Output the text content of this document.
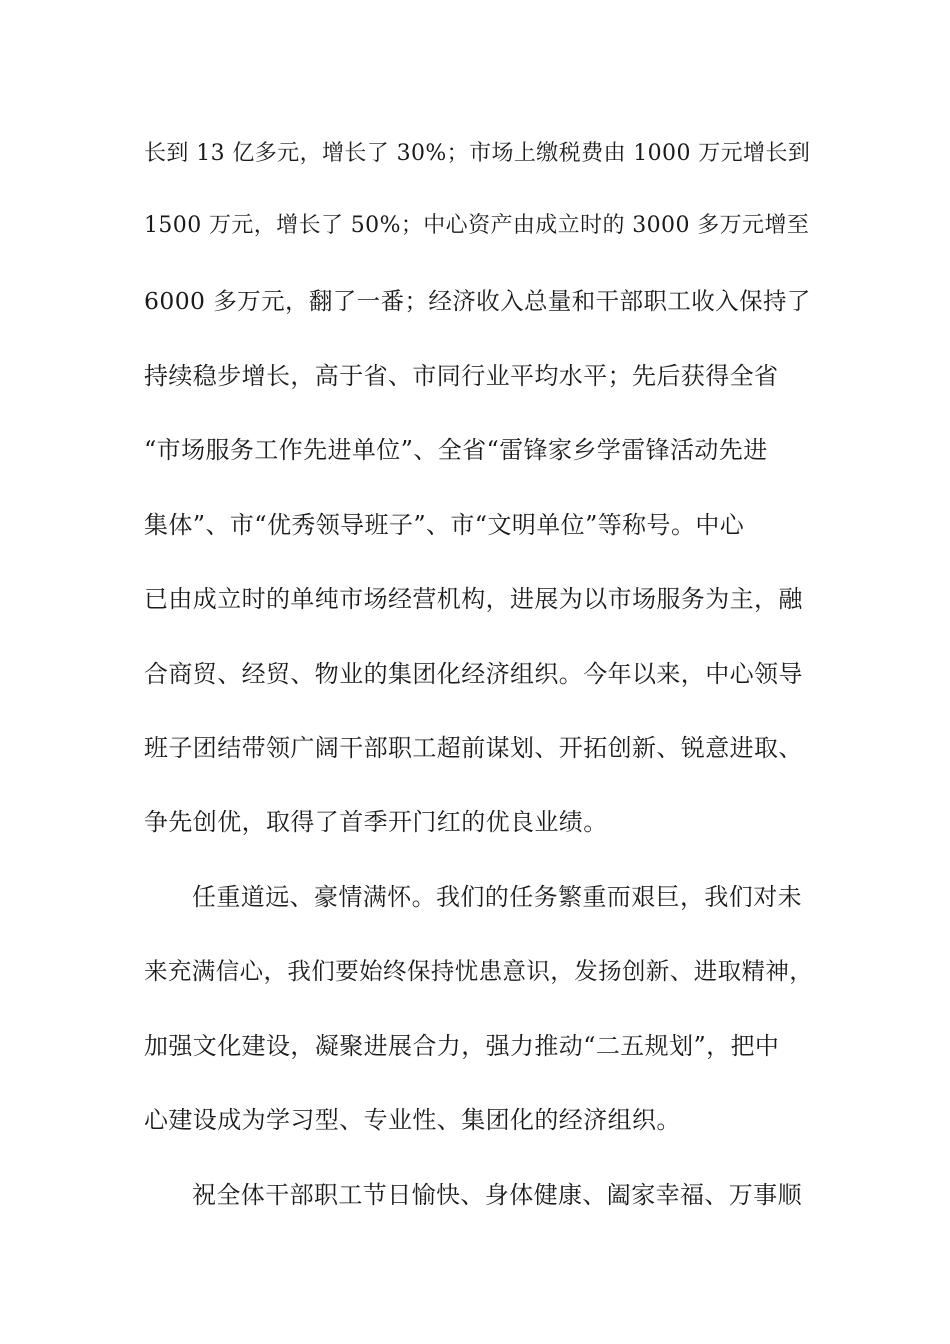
长到 13 亿多元，增长了 30%；市场上缴税费由 1000 万元增长到
1500 万元，增长了 50%；中心资产由成立时的 3000 多万元增至
6000 多万元，翻了一番；经济收入总量和干部职工收入保持了
持续稳步增长，高于省、市同行业平均水平；先后获得全省
“市场服务工作先进单位”、全省“雷锋家乡学雷锋活动先进
集体”、市“优秀领导班子”、市“文明单位”等称号。中心
已由成立时的单纯市场经营机构，进展为以市场服务为主，融
合商贸、经贸、物业的集团化经济组织。今年以来，中心领导
班子团结带领广阔干部职工超前谋划、开拓创新、锐意进取、
争先创优，取得了首季开门红的优良业绩。
任重道远、豪情满怀。我们的任务繁重而艰巨，我们对未
来充满信心，我们要始终保持忧患意识，发扬创新、进取精神，
加强文化建设，凝聚进展合力，强力推动“二五规划”，把中
心建设成为学习型、专业性、集团化的经济组织。
祝全体干部职工节日愉快、身体健康、阖家幸福、万事顺
